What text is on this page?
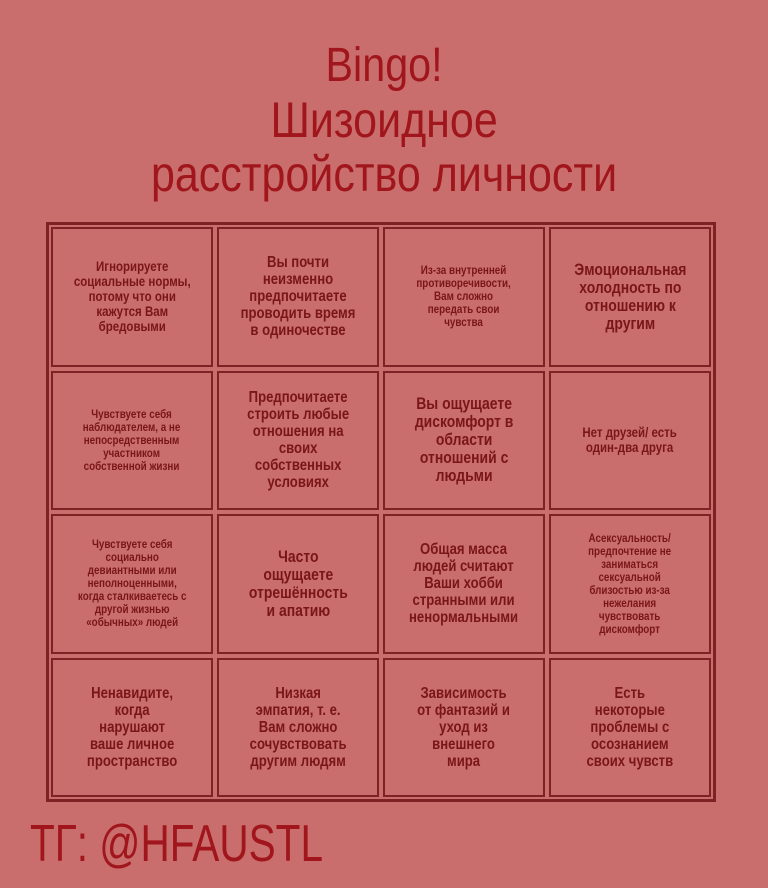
Bingo!
Шизоидное
расстройство личности
Игнорируете
социальные нормы,
потому что они
кажутся Вам
бредовыми
Вы почти
неизменно
предпочитаете
проводить время
в одиночестве
Из-за внутренней
противоречивости,
Вам сложно
передать свои
чувства
Эмоциональная
холодность по
отношению к
другим
Чувствуете себя
наблюдателем, а не
непосредственным
участником
собственной жизни
Предпочитаете
строить любые
отношения на
своих
собственных
условиях
Вы ощущаете
дискомфорт в
области
отношений с
людьми
Нет друзей/ есть
один-два друга
Чувствуете себя
социально
девиантными или
неполноценными,
когда сталкиваетесь с
другой жизнью
«обычных» людей
Часто
ощущаете
отрешённость
и апатию
Общая масса
людей считают
Ваши хобби
странными или
ненормальными
Асексуальность/
предпочтение не
заниматься
сексуальной
близостью из-за
нежелания
чувствовать
дискомфорт
Ненавидите,
когда
нарушают
ваше личное
пространство
Низкая
эмпатия, т. е.
Вам сложно
сочувствовать
другим людям
Зависимость
от фантазий и
уход из
внешнего
мира
Есть
некоторые
проблемы с
осознанием
своих чувств
ТГ: @HFAUSTL
